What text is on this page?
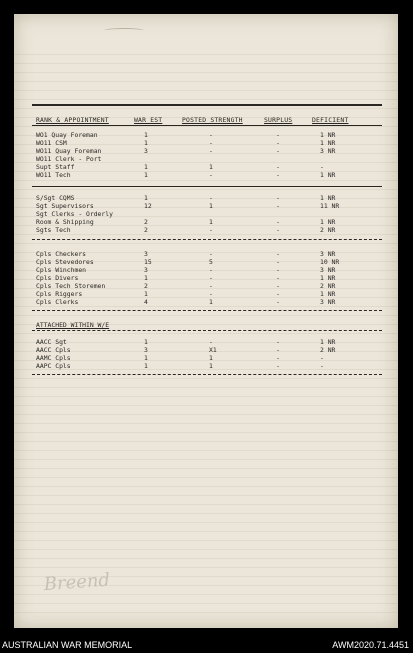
RANK & APPOINTMENT	WAR EST	POSTED STRENGTH	SURPLUS	DEFICIENT
WO1 Quay Foreman	1	-	-	1 NR
WO11 CSM	1	-	-	1 NR
WO11 Quay Foreman	3	-	-	3 NR
WO11 Clerk - Port
Supt Staff	1	1	-	-
WO11 Tech	1	-	-	1 NR
S/Sgt CQMS	1	-	-	1 NR
Sgt Supervisors	12	1	-	11 NR
Sgt Clerks - Orderly
Room & Shipping	2	1	-	1 NR
Sgts Tech	2	-	-	2 NR
Cpls Checkers	3	-	-	3 NR
Cpls Stevedores	15	5	-	10 NR
Cpls Winchmen	3	-	-	3 NR
Cpls Divers	1	-	-	1 NR
Cpls Tech Storemen	2	-	-	2 NR
Cpls Riggers	1	-	-	1 NR
Cpls Clerks	4	1	-	3 NR
AACC Sgt	1	-	-	1 NR
AACC Cpls	3	X1	-	2 NR
AAMC Cpls	1	1	-	-
AAPC Cpls	1	1	-	-
ATTACHED WITHIN W/E
Breend
AUSTRALIAN WAR MEMORIAL	AWM2020.71.4451
